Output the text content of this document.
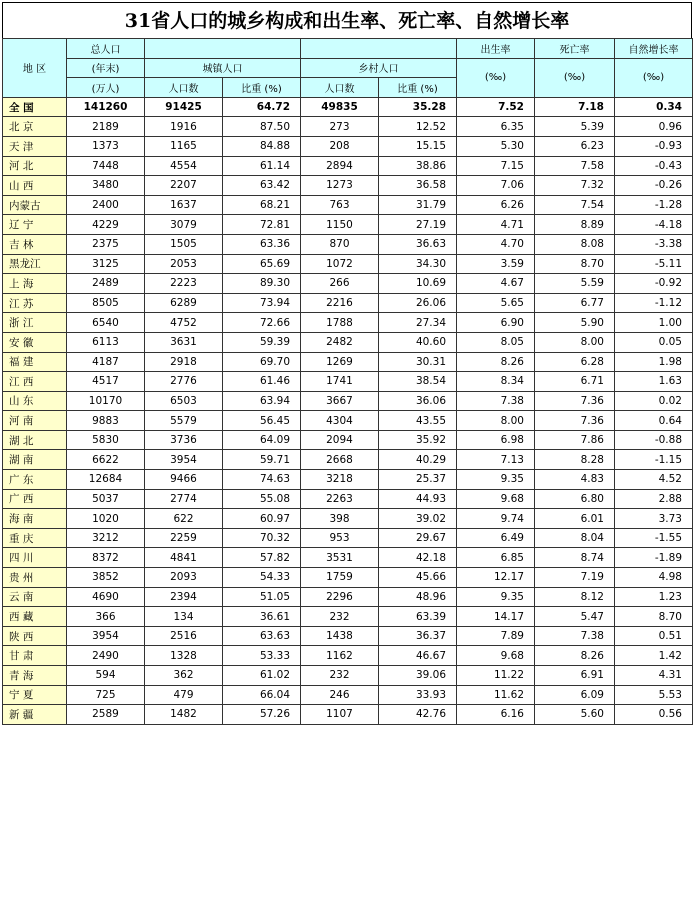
31省人口的城乡构成和出生率、死亡率、自然增长率
地 区	总人口					出生率	死亡率	自然增长率
	(年末)	城镇人口		乡村人口		(‰)	(‰)	(‰)
	(万人)	人口数	比重 (%)	人口数	比重 (%)			
全 国	141260	91425	64.72	49835	35.28	7.52	7.18	0.34
北 京	2189	1916	87.50	273	12.52	6.35	5.39	0.96
天 津	1373	1165	84.88	208	15.15	5.30	6.23	-0.93
河 北	7448	4554	61.14	2894	38.86	7.15	7.58	-0.43
山 西	3480	2207	63.42	1273	36.58	7.06	7.32	-0.26
内蒙古	2400	1637	68.21	763	31.79	6.26	7.54	-1.28
辽 宁	4229	3079	72.81	1150	27.19	4.71	8.89	-4.18
吉 林	2375	1505	63.36	870	36.63	4.70	8.08	-3.38
黑龙江	3125	2053	65.69	1072	34.30	3.59	8.70	-5.11
上 海	2489	2223	89.30	266	10.69	4.67	5.59	-0.92
江 苏	8505	6289	73.94	2216	26.06	5.65	6.77	-1.12
浙 江	6540	4752	72.66	1788	27.34	6.90	5.90	1.00
安 徽	6113	3631	59.39	2482	40.60	8.05	8.00	0.05
福 建	4187	2918	69.70	1269	30.31	8.26	6.28	1.98
江 西	4517	2776	61.46	1741	38.54	8.34	6.71	1.63
山 东	10170	6503	63.94	3667	36.06	7.38	7.36	0.02
河 南	9883	5579	56.45	4304	43.55	8.00	7.36	0.64
湖 北	5830	3736	64.09	2094	35.92	6.98	7.86	-0.88
湖 南	6622	3954	59.71	2668	40.29	7.13	8.28	-1.15
广 东	12684	9466	74.63	3218	25.37	9.35	4.83	4.52
广 西	5037	2774	55.08	2263	44.93	9.68	6.80	2.88
海 南	1020	622	60.97	398	39.02	9.74	6.01	3.73
重 庆	3212	2259	70.32	953	29.67	6.49	8.04	-1.55
四 川	8372	4841	57.82	3531	42.18	6.85	8.74	-1.89
贵 州	3852	2093	54.33	1759	45.66	12.17	7.19	4.98
云 南	4690	2394	51.05	2296	48.96	9.35	8.12	1.23
西 藏	366	134	36.61	232	63.39	14.17	5.47	8.70
陕 西	3954	2516	63.63	1438	36.37	7.89	7.38	0.51
甘 肃	2490	1328	53.33	1162	46.67	9.68	8.26	1.42
青 海	594	362	61.02	232	39.06	11.22	6.91	4.31
宁 夏	725	479	66.04	246	33.93	11.62	6.09	5.53
新 疆	2589	1482	57.26	1107	42.76	6.16	5.60	0.56
